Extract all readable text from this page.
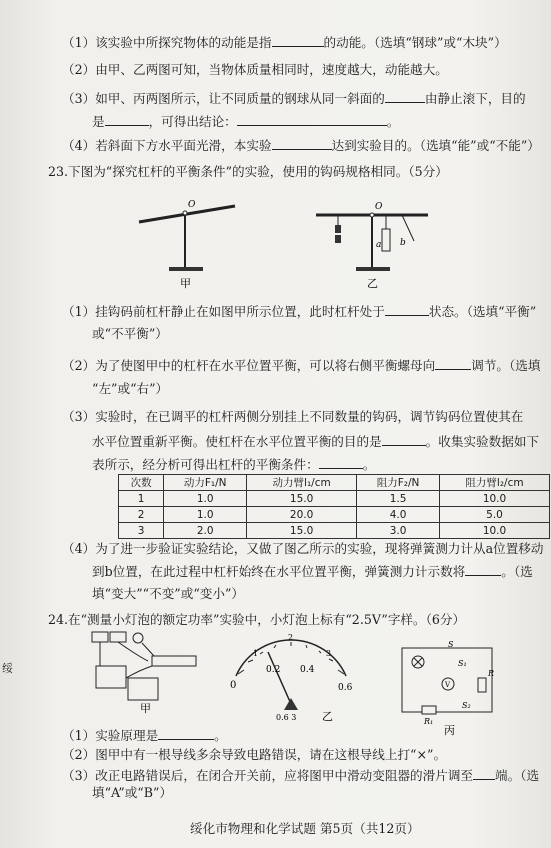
（1）该实验中所探究物体的动能是指	的动能。（选填“钢球”或“木块”）
（2）由甲、乙两图可知，当物体质量相同时，速度越大，动能越大。
（3）如甲、丙两图所示，让不同质量的钢球从同一斜面的	由静止滚下，目的
是	，可得出结论：	。
（4）若斜面下方水平面光滑，本实验	达到实验目的。（选填“能”或“不能”）
23.下图为“探究杠杆的平衡条件”的实验，使用的钩码规格相同。（5分）
O
甲
O
a b
乙
（1）挂钩码前杠杆静止在如图甲所示位置，此时杠杆处于	状态。（选填“平衡”
或“不平衡”）
（2）为了使图甲中的杠杆在水平位置平衡，可以将右侧平衡螺母向	调节。（选填
“左”或“右”）
（3）实验时，在已调平的杠杆两侧分别挂上不同数量的钩码，调节钩码位置使其在
水平位置重新平衡。使杠杆在水平位置平衡的目的是	。收集实验数据如下
表所示，经分析可得出杠杆的平衡条件：	。
次数	动力F₁/N	动力臂l₁/cm	阻力F₂/N	阻力臂l₂/cm
1	1.0	15.0	1.5	10.0
2	1.0	20.0	4.0	5.0
3	2.0	15.0	3.0	10.0
（4）为了进一步验证实验结论，又做了图乙所示的实验，现将弹簧测力计从a位置移动
到b位置，在此过程中杠杆始终在水平位置平衡，弹簧测力计示数将	。（选
填“变大”“不变”或“变小”）
24.在“测量小灯泡的额定功率”实验中，小灯泡上标有“2.5V”字样。（6分）
甲
0
0.2 0.4
0.6
1
2
3
0.6 3 乙
V
S
S₁
S₂
R
R₁
丙
（1）实验原理是	。
（2）图甲中有一根导线多余导致电路错误，请在这根导线上打“×”。
（3）改正电路错误后，在闭合开关前，应将图甲中滑动变阻器的滑片调至 端。（选
填“A”或“B”）
绥
绥化市物理和化学试题 第5页（共12页）
